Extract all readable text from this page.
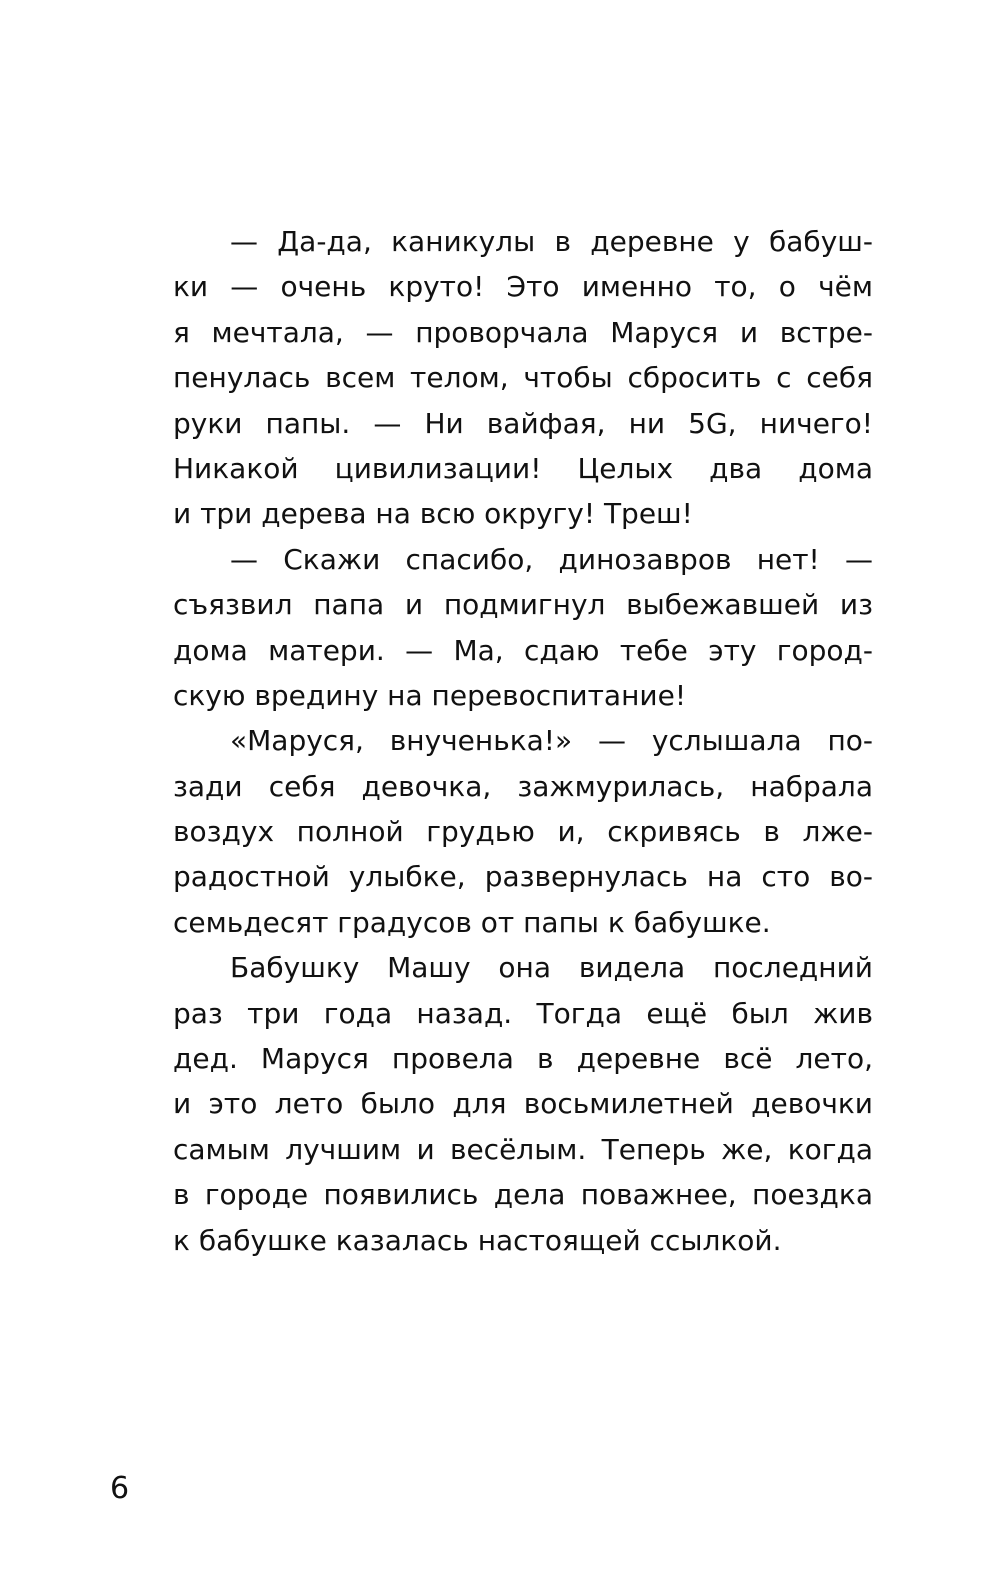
— Да-да, каникулы в деревне у бабуш-
ки — очень круто! Это именно то, о чём
я мечтала, — проворчала Маруся и встре-
пенулась всем телом, чтобы сбросить с себя
руки папы. — Ни вайфая, ни 5G, ничего!
Никакой цивилизации! Целых два дома
и три дерева на всю округу! Треш!
— Скажи спасибо, динозавров нет! —
съязвил папа и подмигнул выбежавшей из
дома матери. — Ма, сдаю тебе эту город-
скую вредину на перевоспитание!
«Маруся, внученька!» — услышала по-
зади себя девочка, зажмурилась, набрала
воздух полной грудью и, скривясь в лже-
радостной улыбке, развернулась на сто во-
семьдесят градусов от папы к бабушке.
Бабушку Машу она видела последний
раз три года назад. Тогда ещё был жив
дед. Маруся провела в деревне всё лето,
и это лето было для восьмилетней девочки
самым лучшим и весёлым. Теперь же, когда
в городе появились дела поважнее, поездка
к бабушке казалась настоящей ссылкой.
6
